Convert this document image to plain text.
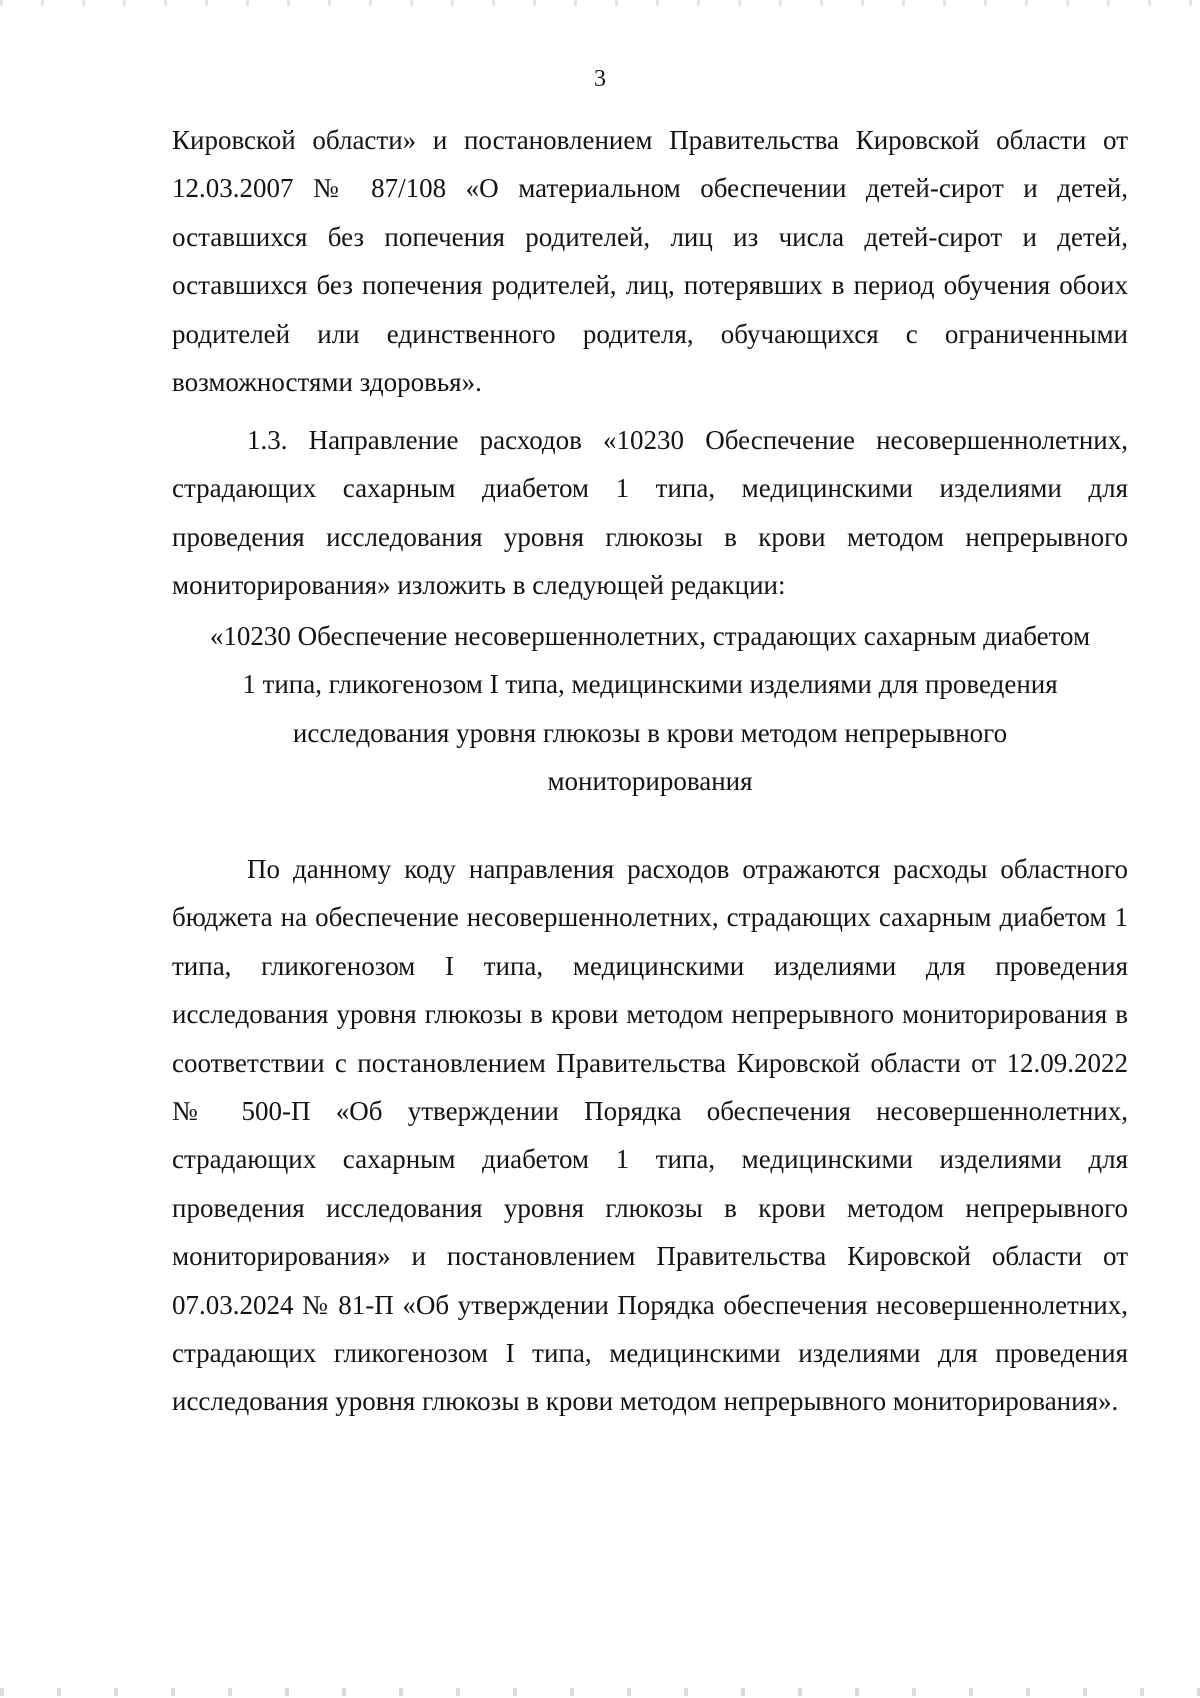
3

Кировской области» и постановлением Правительства Кировской области от 12.03.2007 № 87/108 «О материальном обеспечении детей-сирот и детей, оставшихся без попечения родителей, лиц из числа детей-сирот и детей, оставшихся без попечения родителей, лиц, потерявших в период обучения обоих родителей или единственного родителя, обучающихся с ограниченными возможностями здоровья».

1.3. Направление расходов «10230 Обеспечение несовершеннолетних, страдающих сахарным диабетом 1 типа, медицинскими изделиями для проведения исследования уровня глюкозы в крови методом непрерывного мониторирования» изложить в следующей редакции:

«10230 Обеспечение несовершеннолетних, страдающих сахарным диабетом
1 типа, гликогенозом I типа, медицинскими изделиями для проведения
исследования уровня глюкозы в крови методом непрерывного
мониторирования

По данному коду направления расходов отражаются расходы областного бюджета на обеспечение несовершеннолетних, страдающих сахарным диабетом 1 типа, гликогенозом I типа, медицинскими изделиями для проведения исследования уровня глюкозы в крови методом непрерывного мониторирования в соответствии с постановлением Правительства Кировской области от 12.09.2022 № 500-П «Об утверждении Порядка обеспечения несовершеннолетних, страдающих сахарным диабетом 1 типа, медицинскими изделиями для проведения исследования уровня глюкозы в крови методом непрерывного мониторирования» и постановлением Правительства Кировской области от 07.03.2024 № 81-П «Об утверждении Порядка обеспечения несовершеннолетних, страдающих гликогенозом I типа, медицинскими изделиями для проведения исследования уровня глюкозы в крови методом непрерывного мониторирования».
